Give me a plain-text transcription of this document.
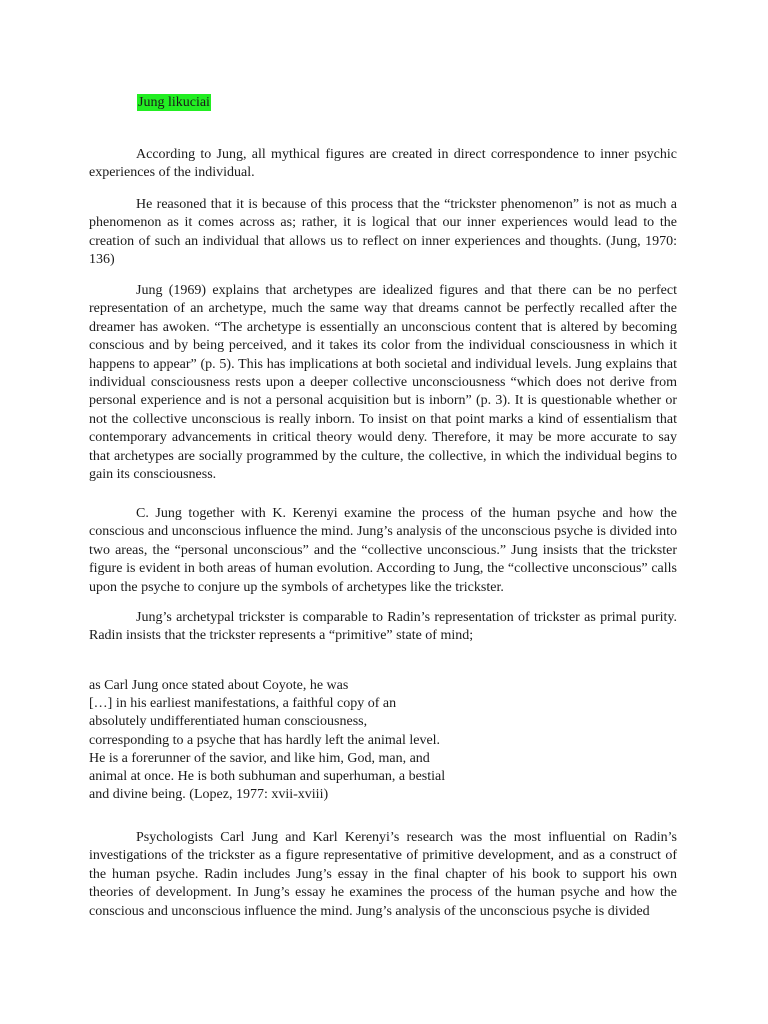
Jung likuciai

According to Jung, all mythical figures are created in direct correspondence to inner psychic experiences of the individual.

He reasoned that it is because of this process that the “trickster phenomenon” is not as much a phenomenon as it comes across as; rather, it is logical that our inner experiences would lead to the creation of such an individual that allows us to reflect on inner experiences and thoughts. (Jung, 1970: 136)

Jung (1969) explains that archetypes are idealized figures and that there can be no perfect representation of an archetype, much the same way that dreams cannot be perfectly recalled after the dreamer has awoken. “The archetype is essentially an unconscious content that is altered by becoming conscious and by being perceived, and it takes its color from the individual consciousness in which it happens to appear” (p. 5). This has implications at both societal and individual levels. Jung explains that individual consciousness rests upon a deeper collective unconsciousness “which does not derive from personal experience and is not a personal acquisition but is inborn” (p. 3). It is questionable whether or not the collective unconscious is really inborn. To insist on that point marks a kind of essentialism that contemporary advancements in critical theory would deny. Therefore, it may be more accurate to say that archetypes are socially programmed by the culture, the collective, in which the individual begins to gain its consciousness.

C. Jung together with K. Kerenyi examine the process of the human psyche and how the conscious and unconscious influence the mind. Jung’s analysis of the unconscious psyche is divided into two areas, the “personal unconscious” and the “collective unconscious.” Jung insists that the trickster figure is evident in both areas of human evolution. According to Jung, the “collective unconscious” calls upon the psyche to conjure up the symbols of archetypes like the trickster.

Jung’s archetypal trickster is comparable to Radin’s representation of trickster as primal purity. Radin insists that the trickster represents a “primitive” state of mind;

as Carl Jung once stated about Coyote, he was
[…] in his earliest manifestations, a faithful copy of an
absolutely undifferentiated human consciousness,
corresponding to a psyche that has hardly left the animal level.
He is a forerunner of the savior, and like him, God, man, and
animal at once. He is both subhuman and superhuman, a bestial
and divine being. (Lopez, 1977: xvii-xviii)

Psychologists Carl Jung and Karl Kerenyi’s research was the most influential on Radin’s investigations of the trickster as a figure representative of primitive development, and as a construct of the human psyche. Radin includes Jung’s essay in the final chapter of his book to support his own theories of development. In Jung’s essay he examines the process of the human psyche and how the conscious and unconscious influence the mind. Jung’s analysis of the unconscious psyche is divided
